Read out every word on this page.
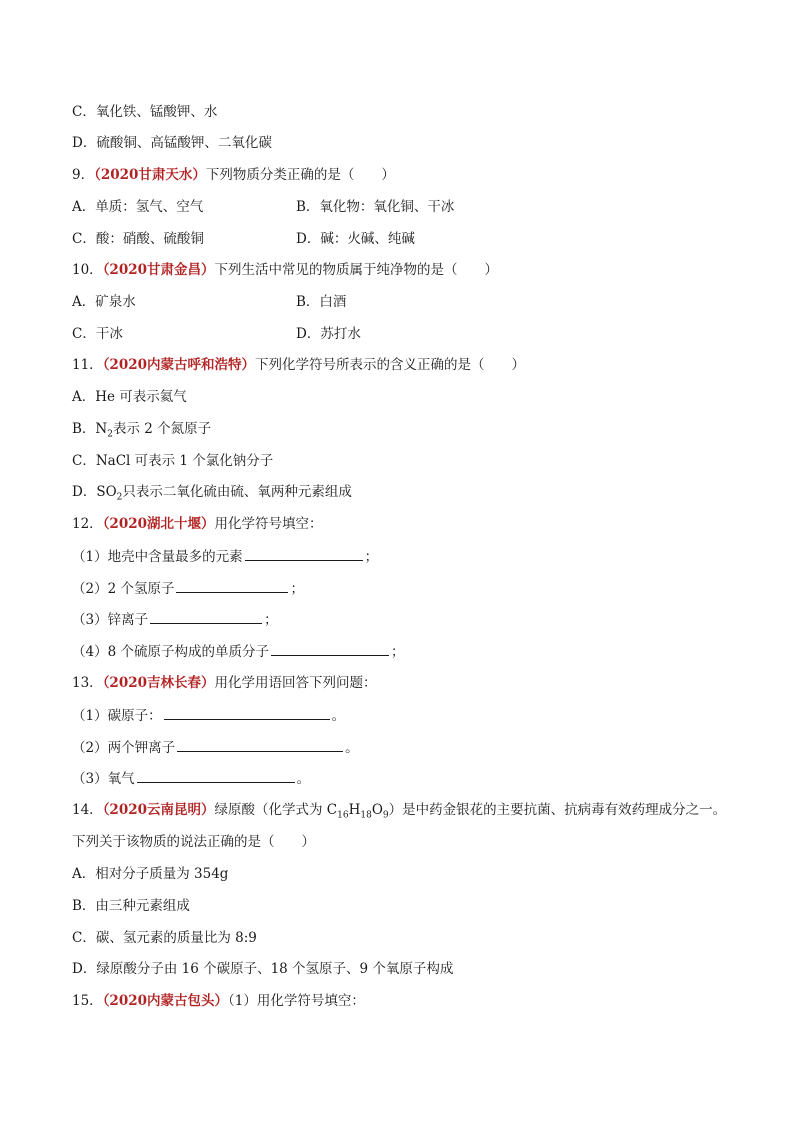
C．氧化铁、锰酸钾、水
D．硫酸铜、高锰酸钾、二氧化碳
9．（2020甘肃天水）下列物质分类正确的是（　　）
A．单质：氢气、空气	B．氧化物：氧化铜、干冰
C．酸：硝酸、硫酸铜	D．碱：火碱、纯碱
10．（2020甘肃金昌）下列生活中常见的物质属于纯净物的是（　　）
A．矿泉水	B．白酒
C．干冰	D．苏打水
11．（2020内蒙古呼和浩特）下列化学符号所表示的含义正确的是（　　）
A．He 可表示氦气
B．$N_2$表示 2 个氮原子
C．NaCl 可表示 1 个氯化钠分子
D．$SO_2$只表示二氧化硫由硫、氧两种元素组成
12．（2020湖北十堰）用化学符号填空：
（1）地壳中含量最多的元素	；
（2）2 个氢原子	；
（3）锌离子	；
（4）8 个硫原子构成的单质分子	；
13．（2020吉林长春）用化学用语回答下列问题：
（1）碳原子：	。
（2）两个钾离子	。
（3）氧气	。
14．（2020云南昆明）绿原酸（化学式为 $C_{16}H_{18}O_9$）是中药金银花的主要抗菌、抗病毒有效药理成分之一。
下列关于该物质的说法正确的是（　　）
A．相对分子质量为 354g
B．由三种元素组成
C．碳、氢元素的质量比为 8:9
D．绿原酸分子由 16 个碳原子、18 个氢原子、9 个氧原子构成
15．（2020内蒙古包头）（1）用化学符号填空：
